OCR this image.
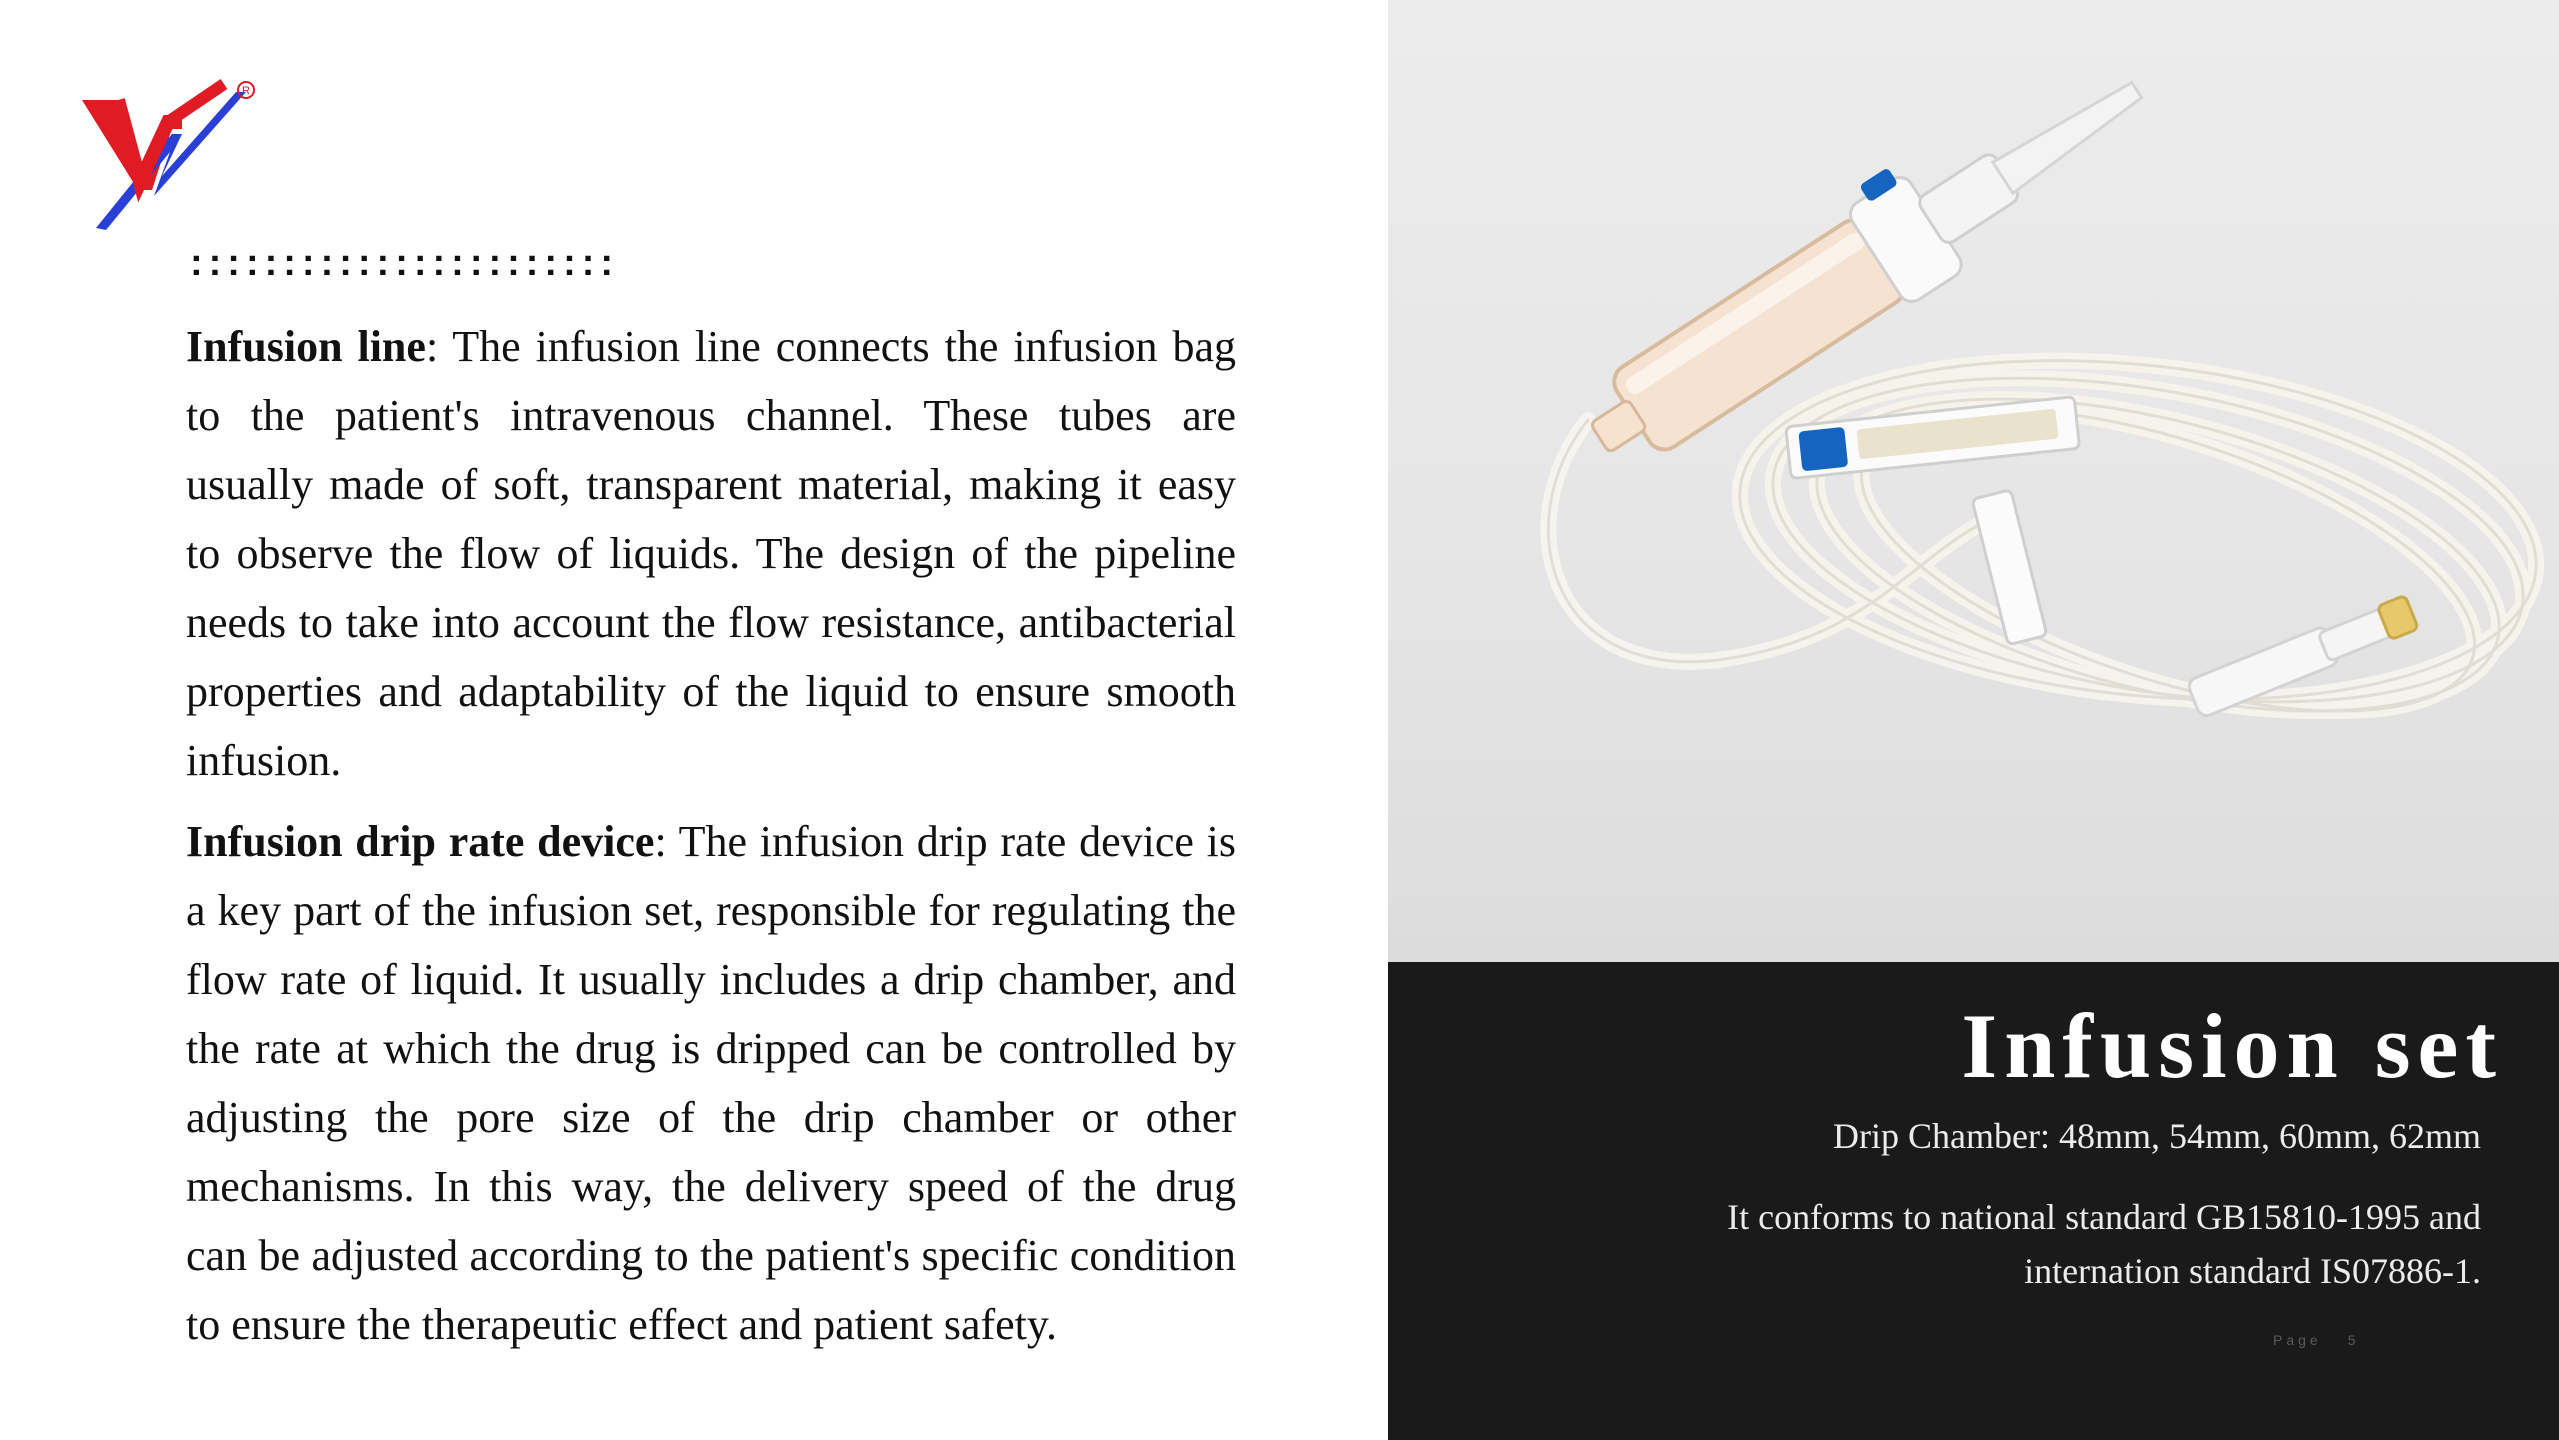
R
:::::::::::::::::::::::

Infusion line: The infusion line connects the infusion bag to the patient's intravenous channel. These tubes are usually made of soft, transparent material, making it easy to observe the flow of liquids. The design of the pipeline needs to take into account the flow resistance, antibacterial properties and adaptability of the liquid to ensure smooth infusion.

Infusion drip rate device: The infusion drip rate device is a key part of the infusion set, responsible for regulating the flow rate of liquid. It usually includes a drip chamber, and the rate at which the drug is dripped can be controlled by adjusting the pore size of the drip chamber or other mechanisms. In this way, the delivery speed of the drug can be adjusted according to the patient's specific condition to ensure the therapeutic effect and patient safety.

Infusion set
Drip Chamber: 48mm, 54mm, 60mm, 62mm
It conforms to national standard GB15810-1995 and internation standard IS07886-1.
Page 5
